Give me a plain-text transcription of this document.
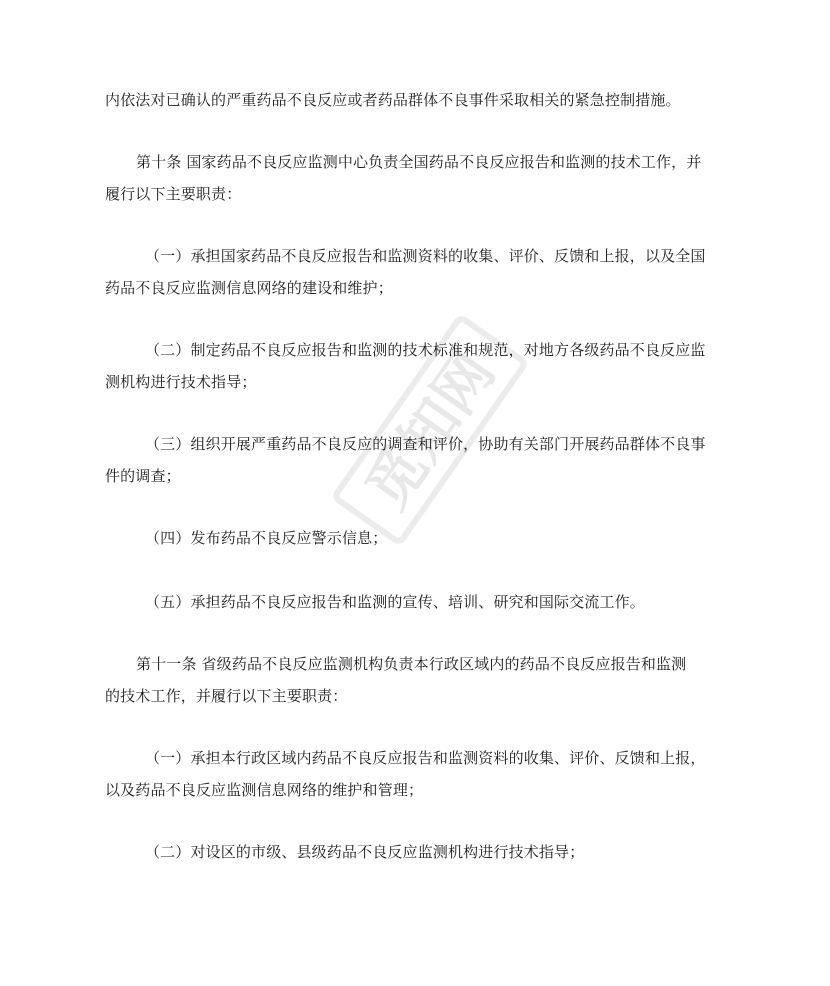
觅知网
内依法对已确认的严重药品不良反应或者药品群体不良事件采取相关的紧急控制措施。
第十条 国家药品不良反应监测中心负责全国药品不良反应报告和监测的技术工作，并
履行以下主要职责：
（一）承担国家药品不良反应报告和监测资料的收集、评价、反馈和上报，以及全国
药品不良反应监测信息网络的建设和维护；
（二）制定药品不良反应报告和监测的技术标准和规范，对地方各级药品不良反应监
测机构进行技术指导；
（三）组织开展严重药品不良反应的调查和评价，协助有关部门开展药品群体不良事
件的调查；
（四）发布药品不良反应警示信息；
（五）承担药品不良反应报告和监测的宣传、培训、研究和国际交流工作。
第十一条 省级药品不良反应监测机构负责本行政区域内的药品不良反应报告和监测
的技术工作，并履行以下主要职责：
（一）承担本行政区域内药品不良反应报告和监测资料的收集、评价、反馈和上报，
以及药品不良反应监测信息网络的维护和管理；
（二）对设区的市级、县级药品不良反应监测机构进行技术指导；
